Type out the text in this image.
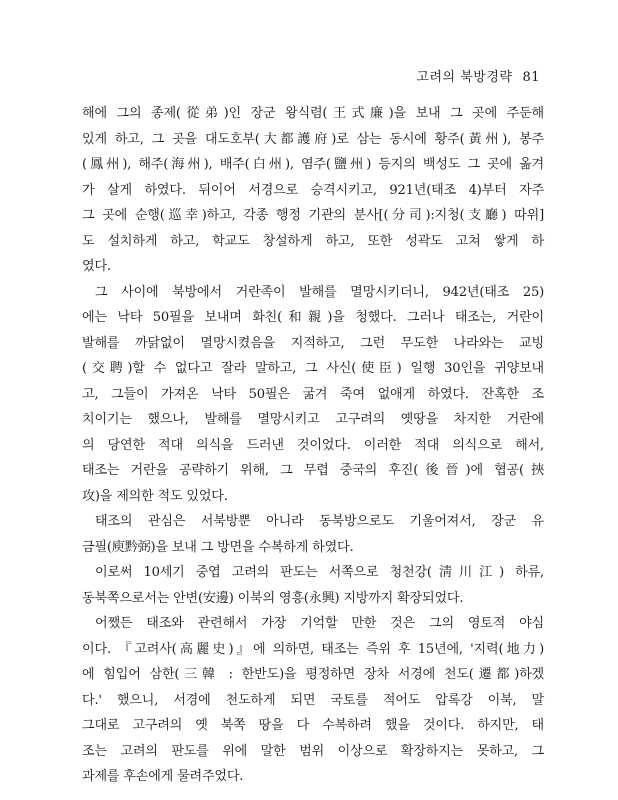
고려의 북방경략 81
해에 그의 종제(從弟)인 장군 왕식렴(王式廉)을 보내 그 곳에 주둔해
있게 하고, 그 곳을 대도호부(大都護府)로 삼는 동시에 황주(黃州), 봉주
(鳳州), 해주(海州), 배주(白州), 염주(鹽州) 등지의 백성도 그 곳에 옮겨
가 살게 하였다. 뒤이어 서경으로 승격시키고, 921년(태조 4)부터 자주
그 곳에 순행(巡幸)하고, 각종 행정 기관의 분사[(分司):지청(支廳) 따위]
도 설치하게 하고, 학교도 창설하게 하고, 또한 성곽도 고쳐 쌓게 하
였다.
그 사이에 북방에서 거란족이 발해를 멸망시키더니, 942년(태조 25)
에는 낙타 50필을 보내며 화친(和親)을 청했다. 그러나 태조는, 거란이
발해를 까닭없이 멸망시켰음을 지적하고, 그런 무도한 나라와는 교빙
(交聘)할 수 없다고 잘라 말하고, 그 사신(使臣) 일행 30인을 귀양보내
고, 그들이 가져온 낙타 50필은 굶겨 죽여 없애게 하였다. 잔혹한 조
치이기는 했으나, 발해를 멸망시키고 고구려의 옛땅을 차지한 거란에
의 당연한 적대 의식을 드러낸 것이었다. 이러한 적대 의식으로 해서,
태조는 거란을 공략하기 위해, 그 무렵 중국의 후진(後晉)에 협공(挾
攻)을 제의한 적도 있었다.
태조의 관심은 서북방뿐 아니라 동북방으로도 기울어져서, 장군 유
금필(庾黔弼)을 보내 그 방면을 수복하게 하였다.
이로써 10세기 중엽 고려의 판도는 서쪽으로 청천강(淸川江) 하류,
동북쪽으로서는 안변(安邊) 이북의 영흥(永興) 지방까지 확장되었다.
어쨌든 태조와 관련해서 가장 기억할 만한 것은 그의 영토적 야심
이다. 『고려사(高麗史)』에 의하면, 태조는 즉위 후 15년에, '지력(地力)
에 힘입어 삼한(三韓 : 한반도)을 평정하면 장차 서경에 천도(遷都)하겠
다.' 했으니, 서경에 천도하게 되면 국토를 적어도 압록강 이북, 말
그대로 고구려의 옛 북쪽 땅을 다 수복하려 했을 것이다. 하지만, 태
조는 고려의 판도를 위에 말한 범위 이상으로 확장하지는 못하고, 그
과제를 후손에게 물려주었다.
